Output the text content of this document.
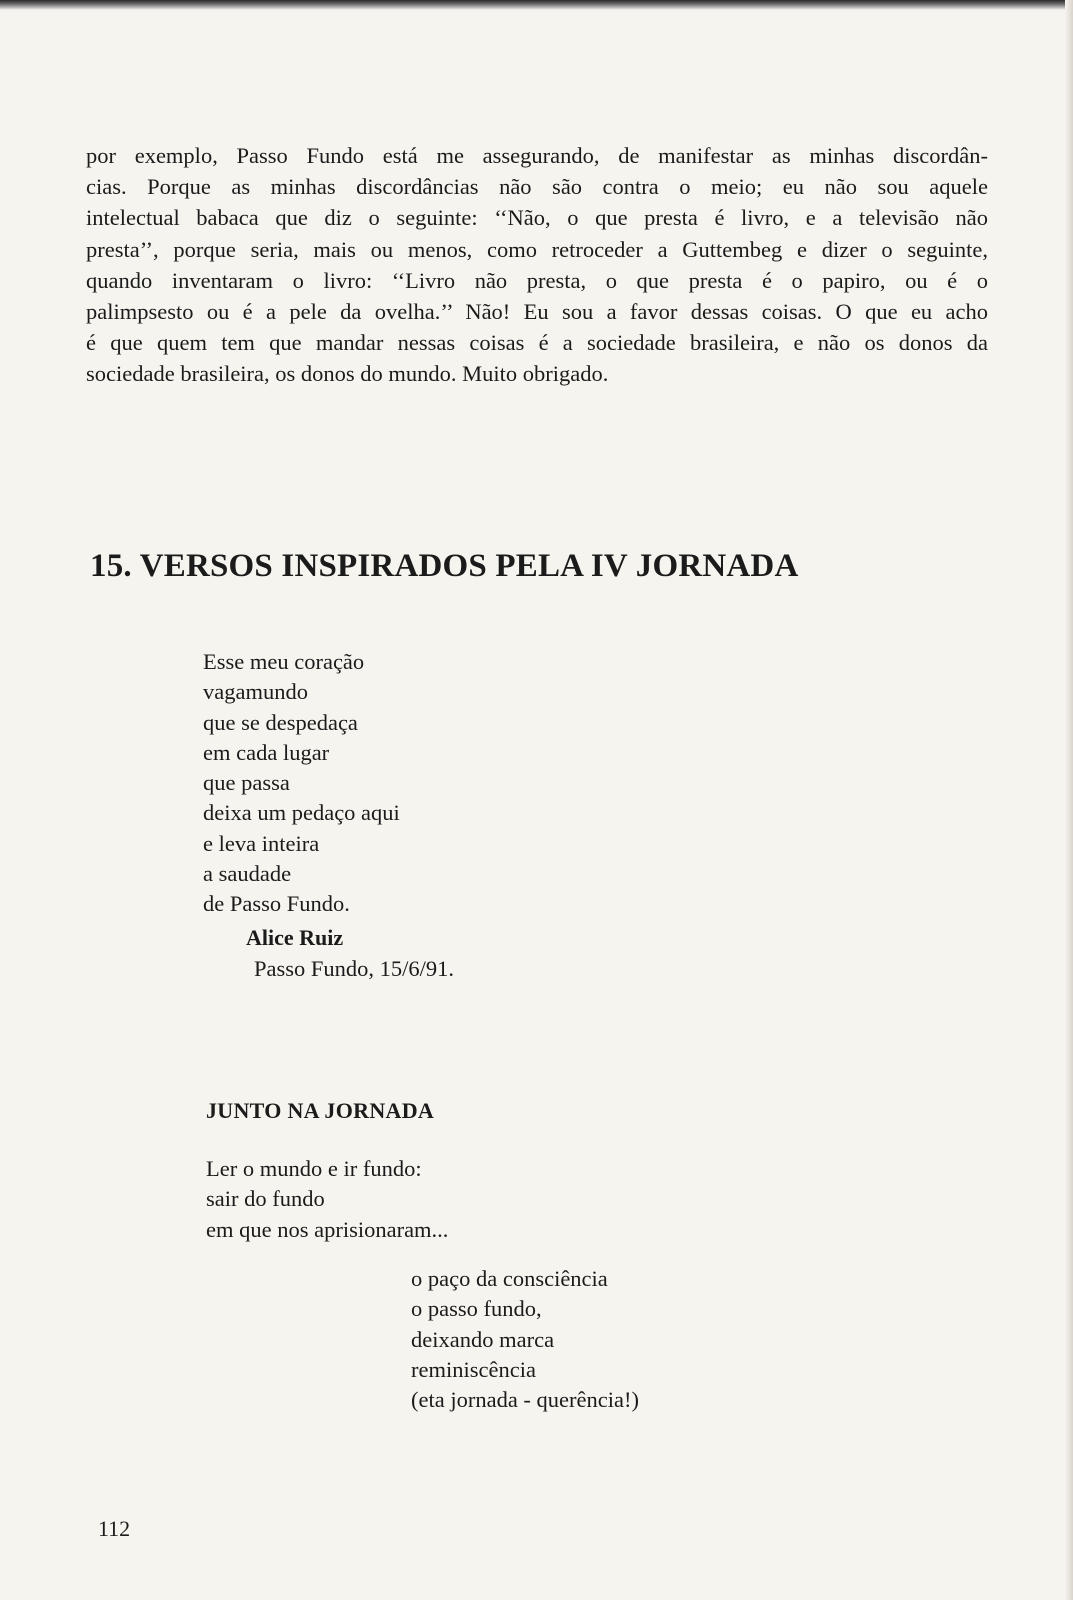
por exemplo, Passo Fundo está me assegurando, de manifestar as minhas discordân-
cias. Porque as minhas discordâncias não são contra o meio; eu não sou aquele
intelectual babaca que diz o seguinte: ‘‘Não, o que presta é livro, e a televisão não
presta’’, porque seria, mais ou menos, como retroceder a Guttembeg e dizer o seguinte,
quando inventaram o livro: ‘‘Livro não presta, o que presta é o papiro, ou é o
palimpsesto ou é a pele da ovelha.’’ Não! Eu sou a favor dessas coisas. O que eu acho
é que quem tem que mandar nessas coisas é a sociedade brasileira, e não os donos da
sociedade brasileira, os donos do mundo. Muito obrigado.
15. VERSOS INSPIRADOS PELA IV JORNADA
Esse meu coração
vagamundo
que se despedaça
em cada lugar
que passa
deixa um pedaço aqui
e leva inteira
a saudade
de Passo Fundo.
Alice Ruiz
Passo Fundo, 15/6/91.
JUNTO NA JORNADA
Ler o mundo e ir fundo:
sair do fundo
em que nos aprisionaram...
o paço da consciência
o passo fundo,
deixando marca
reminiscência
(eta jornada - querência!)
112
